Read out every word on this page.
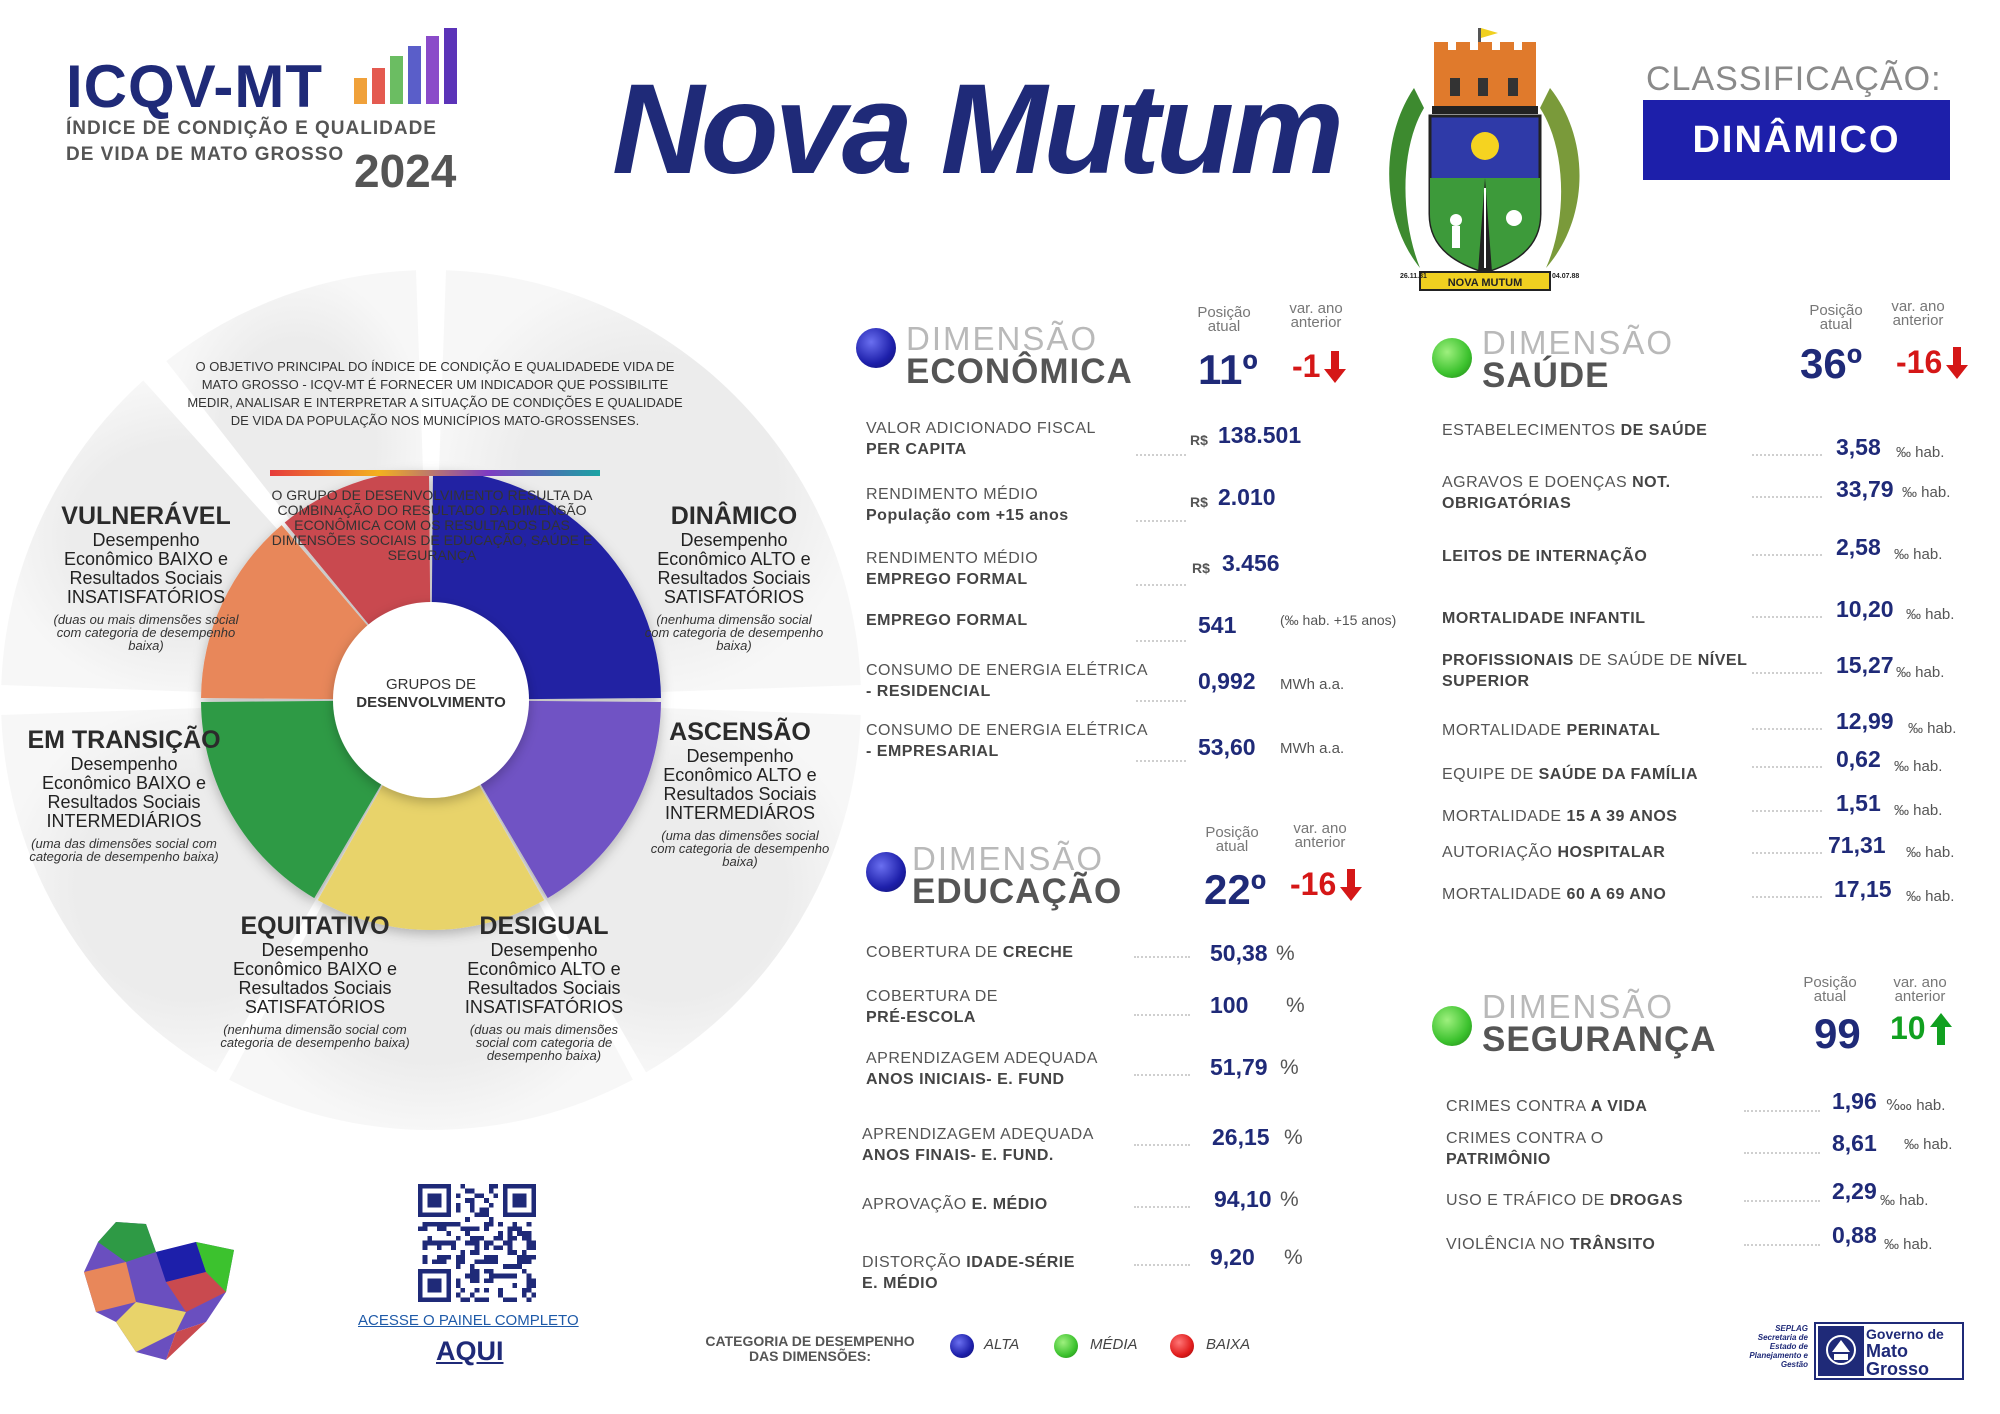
ICQV-MT
ÍNDICE DE CONDIÇÃO E QUALIDADE
DE VIDA DE MATO GROSSO 2024 Nova Mutum
NOVA MUTUM
26.11.81	04.07.88
CLASSIFICAÇÃO:
DINÂMICO
O OBJETIVO PRINCIPAL DO ÍNDICE DE CONDIÇÃO E QUALIDADEDE VIDA DE MATO GROSSO - ICQV-MT É FORNECER UM INDICADOR QUE POSSIBILITE MEDIR, ANALISAR E INTERPRETAR A SITUAÇÃO DE CONDIÇÕES E QUALIDADE DE VIDA DA POPULAÇÃO NOS MUNICÍPIOS MATO-GROSSENSES.
O GRUPO DE DESENVOLVIMENTO RESULTA DA COMBINAÇÃO DO RESULTADO DA DIMENSÃO ECONÔMICA COM OS RESULTADOS DAS DIMENSÕES SOCIAIS DE EDUCAÇÃO, SAÚDE E SEGURANÇA
GRUPOS DE
DESENVOLVIMENTO
VULNERÁVEL
Desempenho Econômico BAIXO e Resultados Sociais INSATISFATÓRIOS
(duas ou mais dimensões social com categoria de desempenho baixa)
DINÂMICO
Desempenho Econômico ALTO e Resultados Sociais SATISFATÓRIOS
(nenhuma dimensão social com categoria de desempenho baixa)
EM TRANSIÇÃO
Desempenho Econômico BAIXO e Resultados Sociais INTERMEDIÁRIOS
(uma das dimensões social com categoria de desempenho baixa)
ASCENSÃO
Desempenho Econômico ALTO e Resultados Sociais INTERMEDIÁROS
(uma das dimensões social com categoria de desempenho baixa)
EQUITATIVO
Desempenho Econômico BAIXO e Resultados Sociais SATISFATÓRIOS
(nenhuma dimensão social com categoria de desempenho baixa)
DESIGUAL
Desempenho Econômico ALTO e Resultados Sociais INSATISFATÓRIOS
(duas ou mais dimensões social com categoria de desempenho baixa)
DIMENSÃO
ECONÔMICA
Posição atual
var. ano anterior
11º -1
VALOR ADICIONADO FISCAL
PER CAPITA
R$ 138.501
RENDIMENTO MÉDIO
População com +15 anos
R$ 2.010
RENDIMENTO MÉDIO
EMPREGO FORMAL
R$ 3.456
EMPREGO FORMAL	541	(‰ hab. +15 anos)
CONSUMO DE ENERGIA ELÉTRICA
- RESIDENCIAL	0,992 MWh a.a.
CONSUMO DE ENERGIA ELÉTRICA
- EMPRESARIAL	53,60 MWh a.a.
DIMENSÃO
EDUCAÇÃO
Posição atual
var. ano anterior
22º -16
COBERTURA DE CRECHE	50,38 %
COBERTURA DE
PRÉ-ESCOLA	100 %
APRENDIZAGEM ADEQUADA
ANOS INICIAIS- E. FUND	51,79 %
APRENDIZAGEM ADEQUADA
ANOS FINAIS- E. FUND.
26,15 %
APROVAÇÃO E. MÉDIO	94,10 %
DISTORÇÃO IDADE-SÉRIE
E. MÉDIO
9,20 %
DIMENSÃO
SAÚDE
Posição atual
var. ano anterior
36º -16
ESTABELECIMENTOS DE SAÚDE
3,58 ‰ hab.
AGRAVOS E DOENÇAS NOT.
OBRIGATÓRIAS
33,79 ‰ hab.
LEITOS DE INTERNAÇÃO	2,58 ‰ hab.
MORTALIDADE INFANTIL	10,20 ‰ hab.
PROFISSIONAIS DE SAÚDE DE NÍVEL
SUPERIOR
15,27 ‰ hab.
MORTALIDADE PERINATAL	12,99 ‰ hab.
EQUIPE DE SAÚDE DA FAMÍLIA
0,62 ‰ hab.
MORTALIDADE 15 A 39 ANOS
1,51 ‰ hab.
AUTORIAÇÃO HOSPITALAR	71,31 ‰ hab.
MORTALIDADE 60 A 69 ANO	17,15 ‰ hab.
DIMENSÃO
SEGURANÇA
Posição atual
var. ano anterior
99 10
CRIMES CONTRA A VIDA	1,96 ‱ hab.
CRIMES CONTRA O
PATRIMÔNIO
8,61 ‰ hab.
USO E TRÁFICO DE DROGAS	2,29 ‰ hab.
VIOLÊNCIA NO TRÂNSITO	0,88 ‰ hab.
ACESSE O PAINEL COMPLETO
AQUI	CATEGORIA DE DESEMPENHO
DAS DIMENSÕES:
ALTA	MÉDIA	BAIXA
SEPLAG Secretaria de Estado de Planejamento e Gestão
Governo de
Mato
Grosso
